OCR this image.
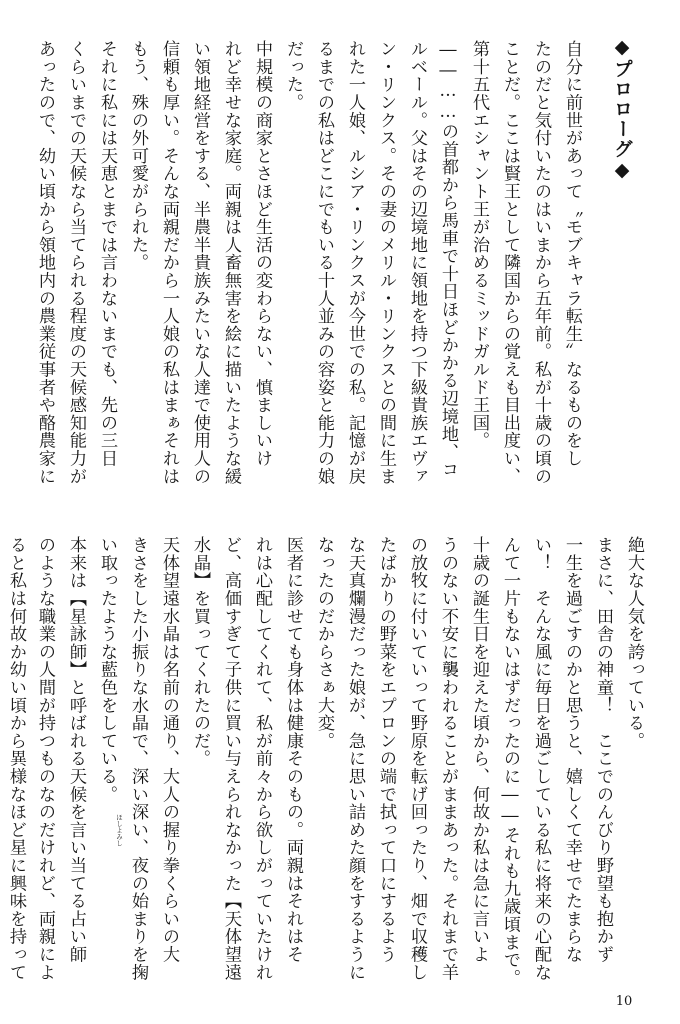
◆プロローグ◆
自分に前世があって〝モブキャラ転生〟なるものをし
たのだと気付いたのはいまから五年前。私が十歳の頃の
ことだ。ここは賢王として隣国からの覚えも目出度い、
第十五代エシャント王が治めるミッドガルド王国。
――……の首都から馬車で十日ほどかかる辺境地、コ
ルベール。父はその辺境地に領地を持つ下級貴族エヴァ
ン・リンクス。その妻のメリル・リンクスとの間に生ま
れた一人娘、ルシア・リンクスが今世での私。記憶が戻
るまでの私はどこにでもいる十人並みの容姿と能力の娘
だった。
中規模の商家とさほど生活の変わらない、慎ましいけ
れど幸せな家庭。両親は人畜無害を絵に描いたような緩
い領地経営をする、半農半貴族みたいな人達で使用人の
信頼も厚い。そんな両親だから一人娘の私はまぁそれは
もう、殊の外可愛がられた。
それに私には天恵とまでは言わないまでも、先の三日
くらいまでの天候なら当てられる程度の天候感知能力が
あったので、幼い頃から領地内の農業従事者や酪農家に
絶大な人気を誇っている。
まさに、田舎の神童！　ここでのんびり野望も抱かず
一生を過ごすのかと思うと、嬉しくて幸せでたまらな
い！　そんな風に毎日を過ごしている私に将来の心配な
んて一片もないはずだったのに――それも九歳頃まで。
十歳の誕生日を迎えた頃から、何故か私は急に言いよ
うのない不安に襲われることがままあった。それまで羊
の放牧に付いていって野原を転げ回ったり、畑で収穫し
たばかりの野菜をエプロンの端で拭って口にするよう
な天真爛漫だった娘が、急に思い詰めた顔をするように
なったのだからさぁ大変。
医者に診せても身体は健康そのもの。両親はそれはそ
れは心配してくれて、私が前々から欲しがっていたけれ
ど、高価すぎて子供に買い与えられなかった【天体望遠
水晶】を買ってくれたのだ。
天体望遠水晶は名前の通り、大人の握り拳くらいの大
きさをした小振りな水晶で、深い深い、夜の始まりを掬
い取ったような藍色をしている。
本来は【星詠師】と呼ばれる天候を言い当てる占い師
のような職業の人間が持つものなのだけれど、両親によ
ると私は何故か幼い頃から異様なほど星に興味を持って	ほしよみし
10
